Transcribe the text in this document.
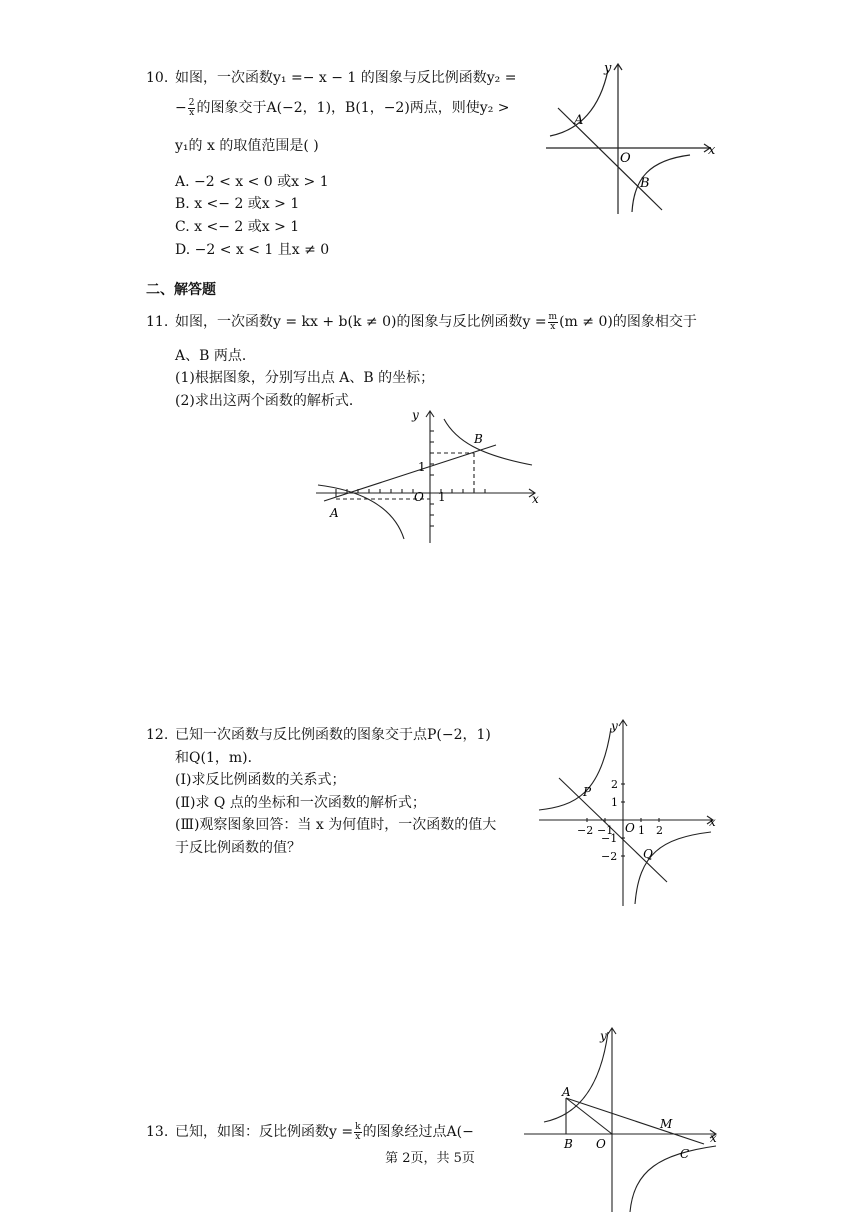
10. 如图，一次函数y₁ =− x − 1 的图象与反比例函数y₂ =
− $\frac{2}{x}$ 的图象交于A(−2，1)，B(1，−2)两点，则使y₂ >
y₁的 x 的取值范围是( )
A. −2 < x < 0 或x > 1
B. x <− 2 或x > 1
C. x <− 2 或x > 1
D. −2 < x < 1 且x ≠ 0
y
x
O
A
B
二、解答题
11. 如图，一次函数y = kx + b(k ≠ 0)的图象与反比例函数$y = \frac{m}{x} (m \ne 0)$的图象相交于
A、B 两点．
(1)根据图象，分别写出点 A、B 的坐标；
(2)求出这两个函数的解析式．
y
x
O 1
1
B
A
12. 已知一次函数与反比例函数的图象交于点P(−2，1)
和Q(1，m)．
(Ⅰ)求反比例函数的关系式；
(Ⅱ)求 Q 点的坐标和一次函数的解析式；
(Ⅲ)观察图象回答：当 x 为何值时，一次函数的值大
于反比例函数的值？
y
x
O
P
Q
−2 −1 1 2
2
1
−1
−2
13. 已知，如图：反比例函数$y = \frac{k}{x}$ 的图象经过点A(−
y
x
O
A
B
M
C
第 2页，共 5页
